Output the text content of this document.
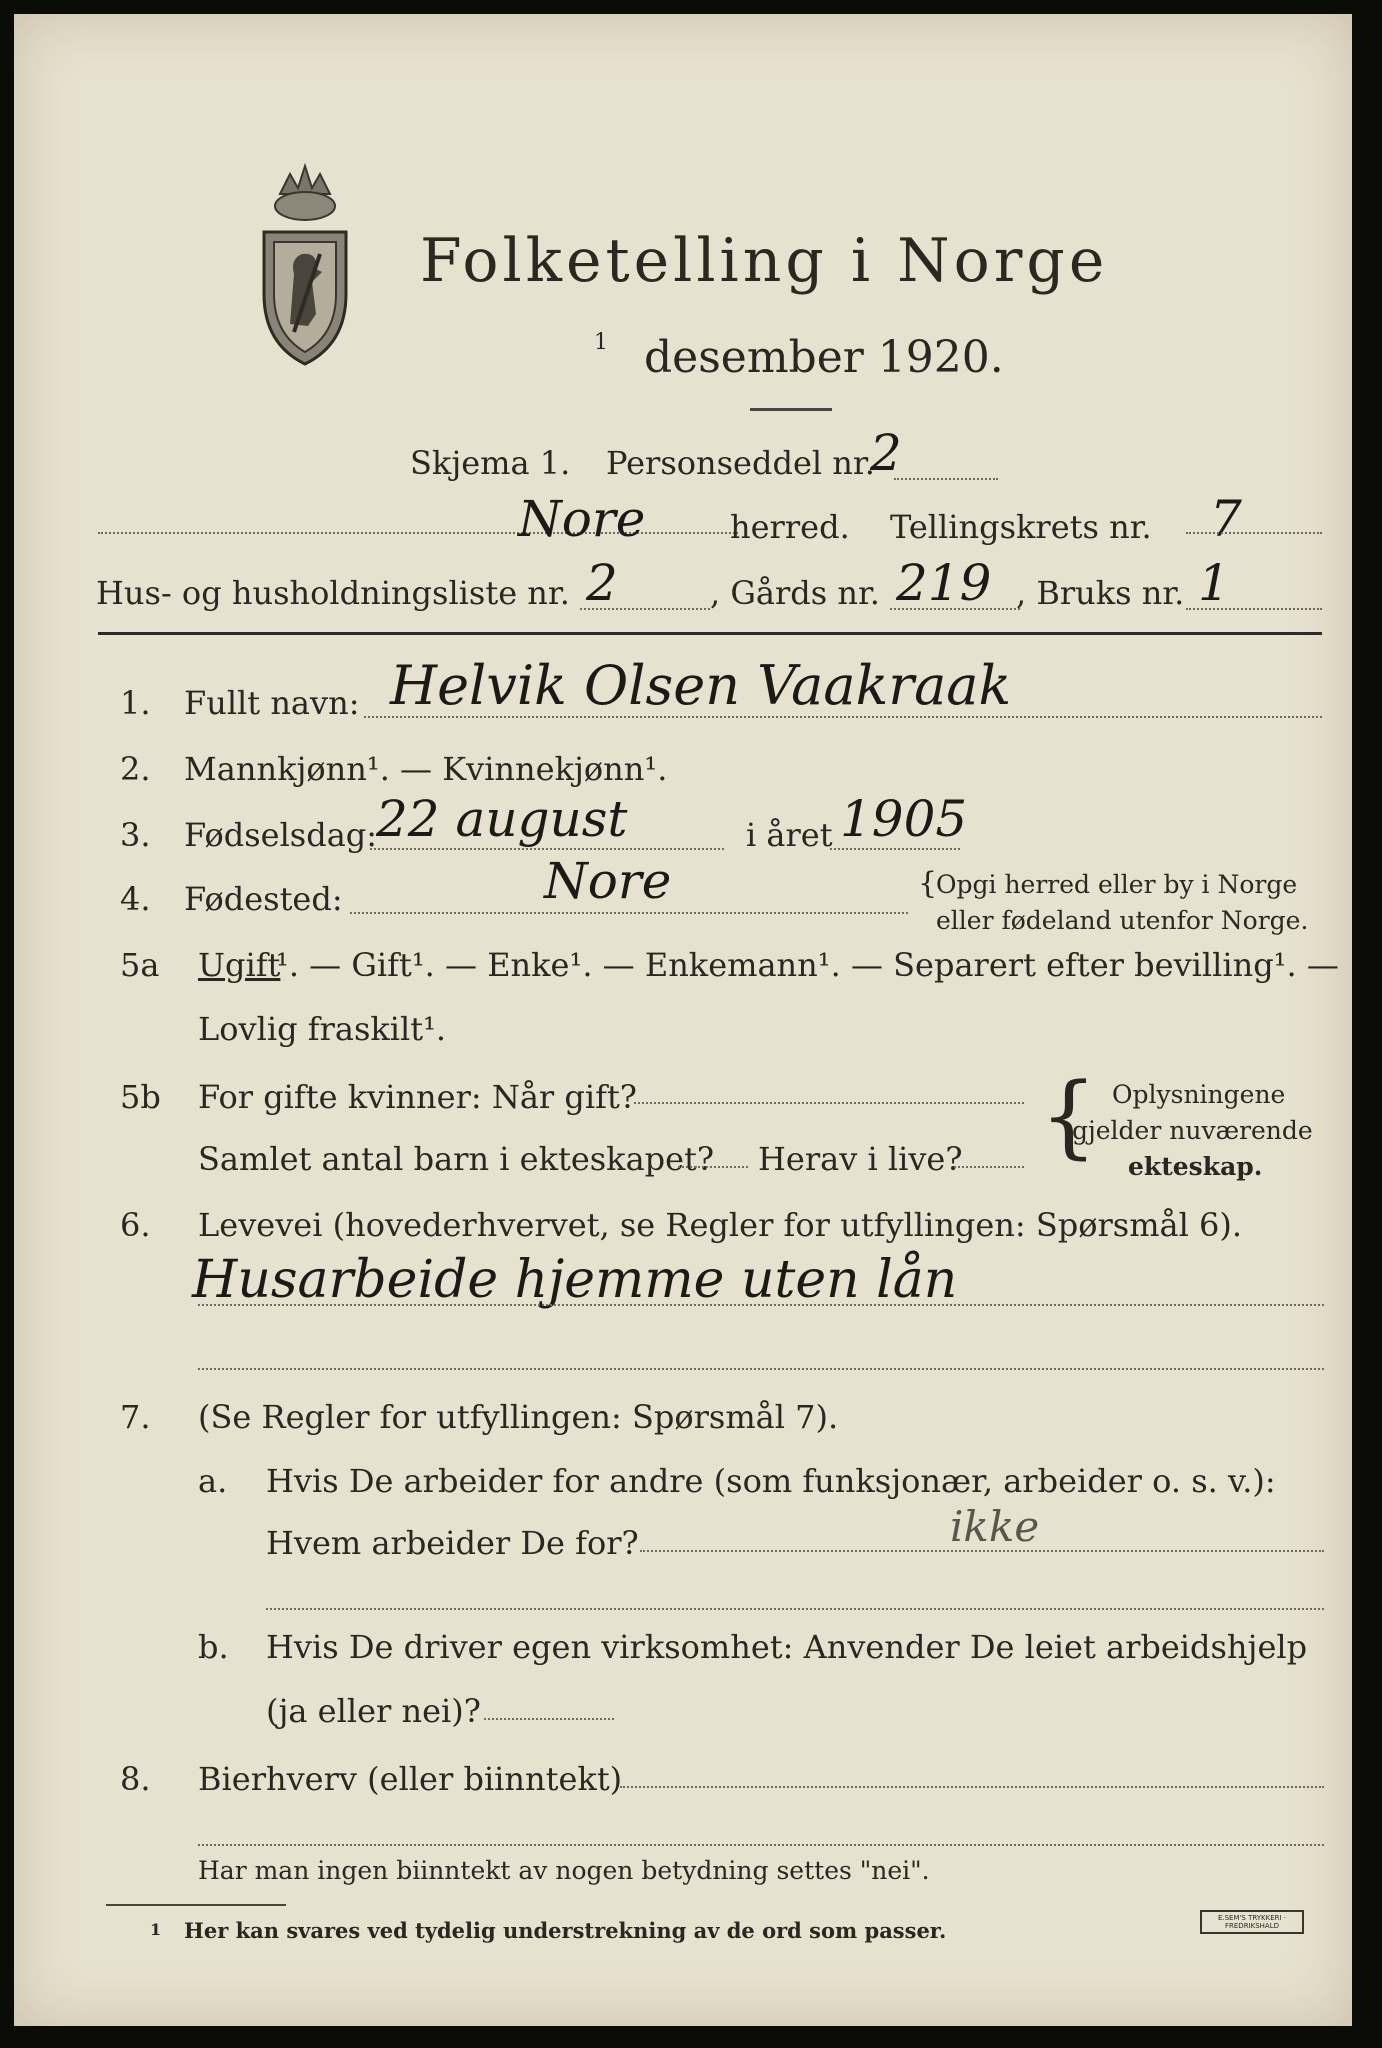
Folketelling i Norge
1 desember 1920.
Skjema 1. Personseddel nr.
2
Nore	herred. Tellingskrets nr. 7
Hus- og husholdningsliste nr. 2	, Gårds nr. 219 , Bruks nr. 1
1. Fullt navn: Helvik Olsen Vaakraak
2. Mannkjønn¹. — Kvinnekjønn¹.
3. Fødselsdag:
22 august	i året 1905
4. Fødested:	Nore	{
Opgi herred eller by i Norge
eller fødeland utenfor Norge.
5a Ugift
¹. — Gift¹. — Enke¹. — Enkemann¹. — Separert efter bevilling¹. —
Lovlig fraskilt¹.
5b For gifte kvinner: Når gift?
Samlet antal barn i ekteskapet? Herav i live? { Oplysningene
gjelder nuværende
ekteskap.
6. Levevei (hovederhvervet, se Regler for utfyllingen: Spørsmål 6).
Husarbeide hjemme uten lån
7. (Se Regler for utfyllingen: Spørsmål 7).
a. Hvis De arbeider for andre (som funksjonær, arbeider o. s. v.):
Hvem arbeider De for?	ikke
b. Hvis De driver egen virksomhet: Anvender De leiet arbeidshjelp
(ja eller nei)?
8. Bierhverv (eller biinntekt)
Har man ingen biinntekt av nogen betydning settes "nei".
1 Her kan svares ved tydelig understrekning av de ord som passer.	E.SEM'S TRYKKERI · FREDRIKSHALD
